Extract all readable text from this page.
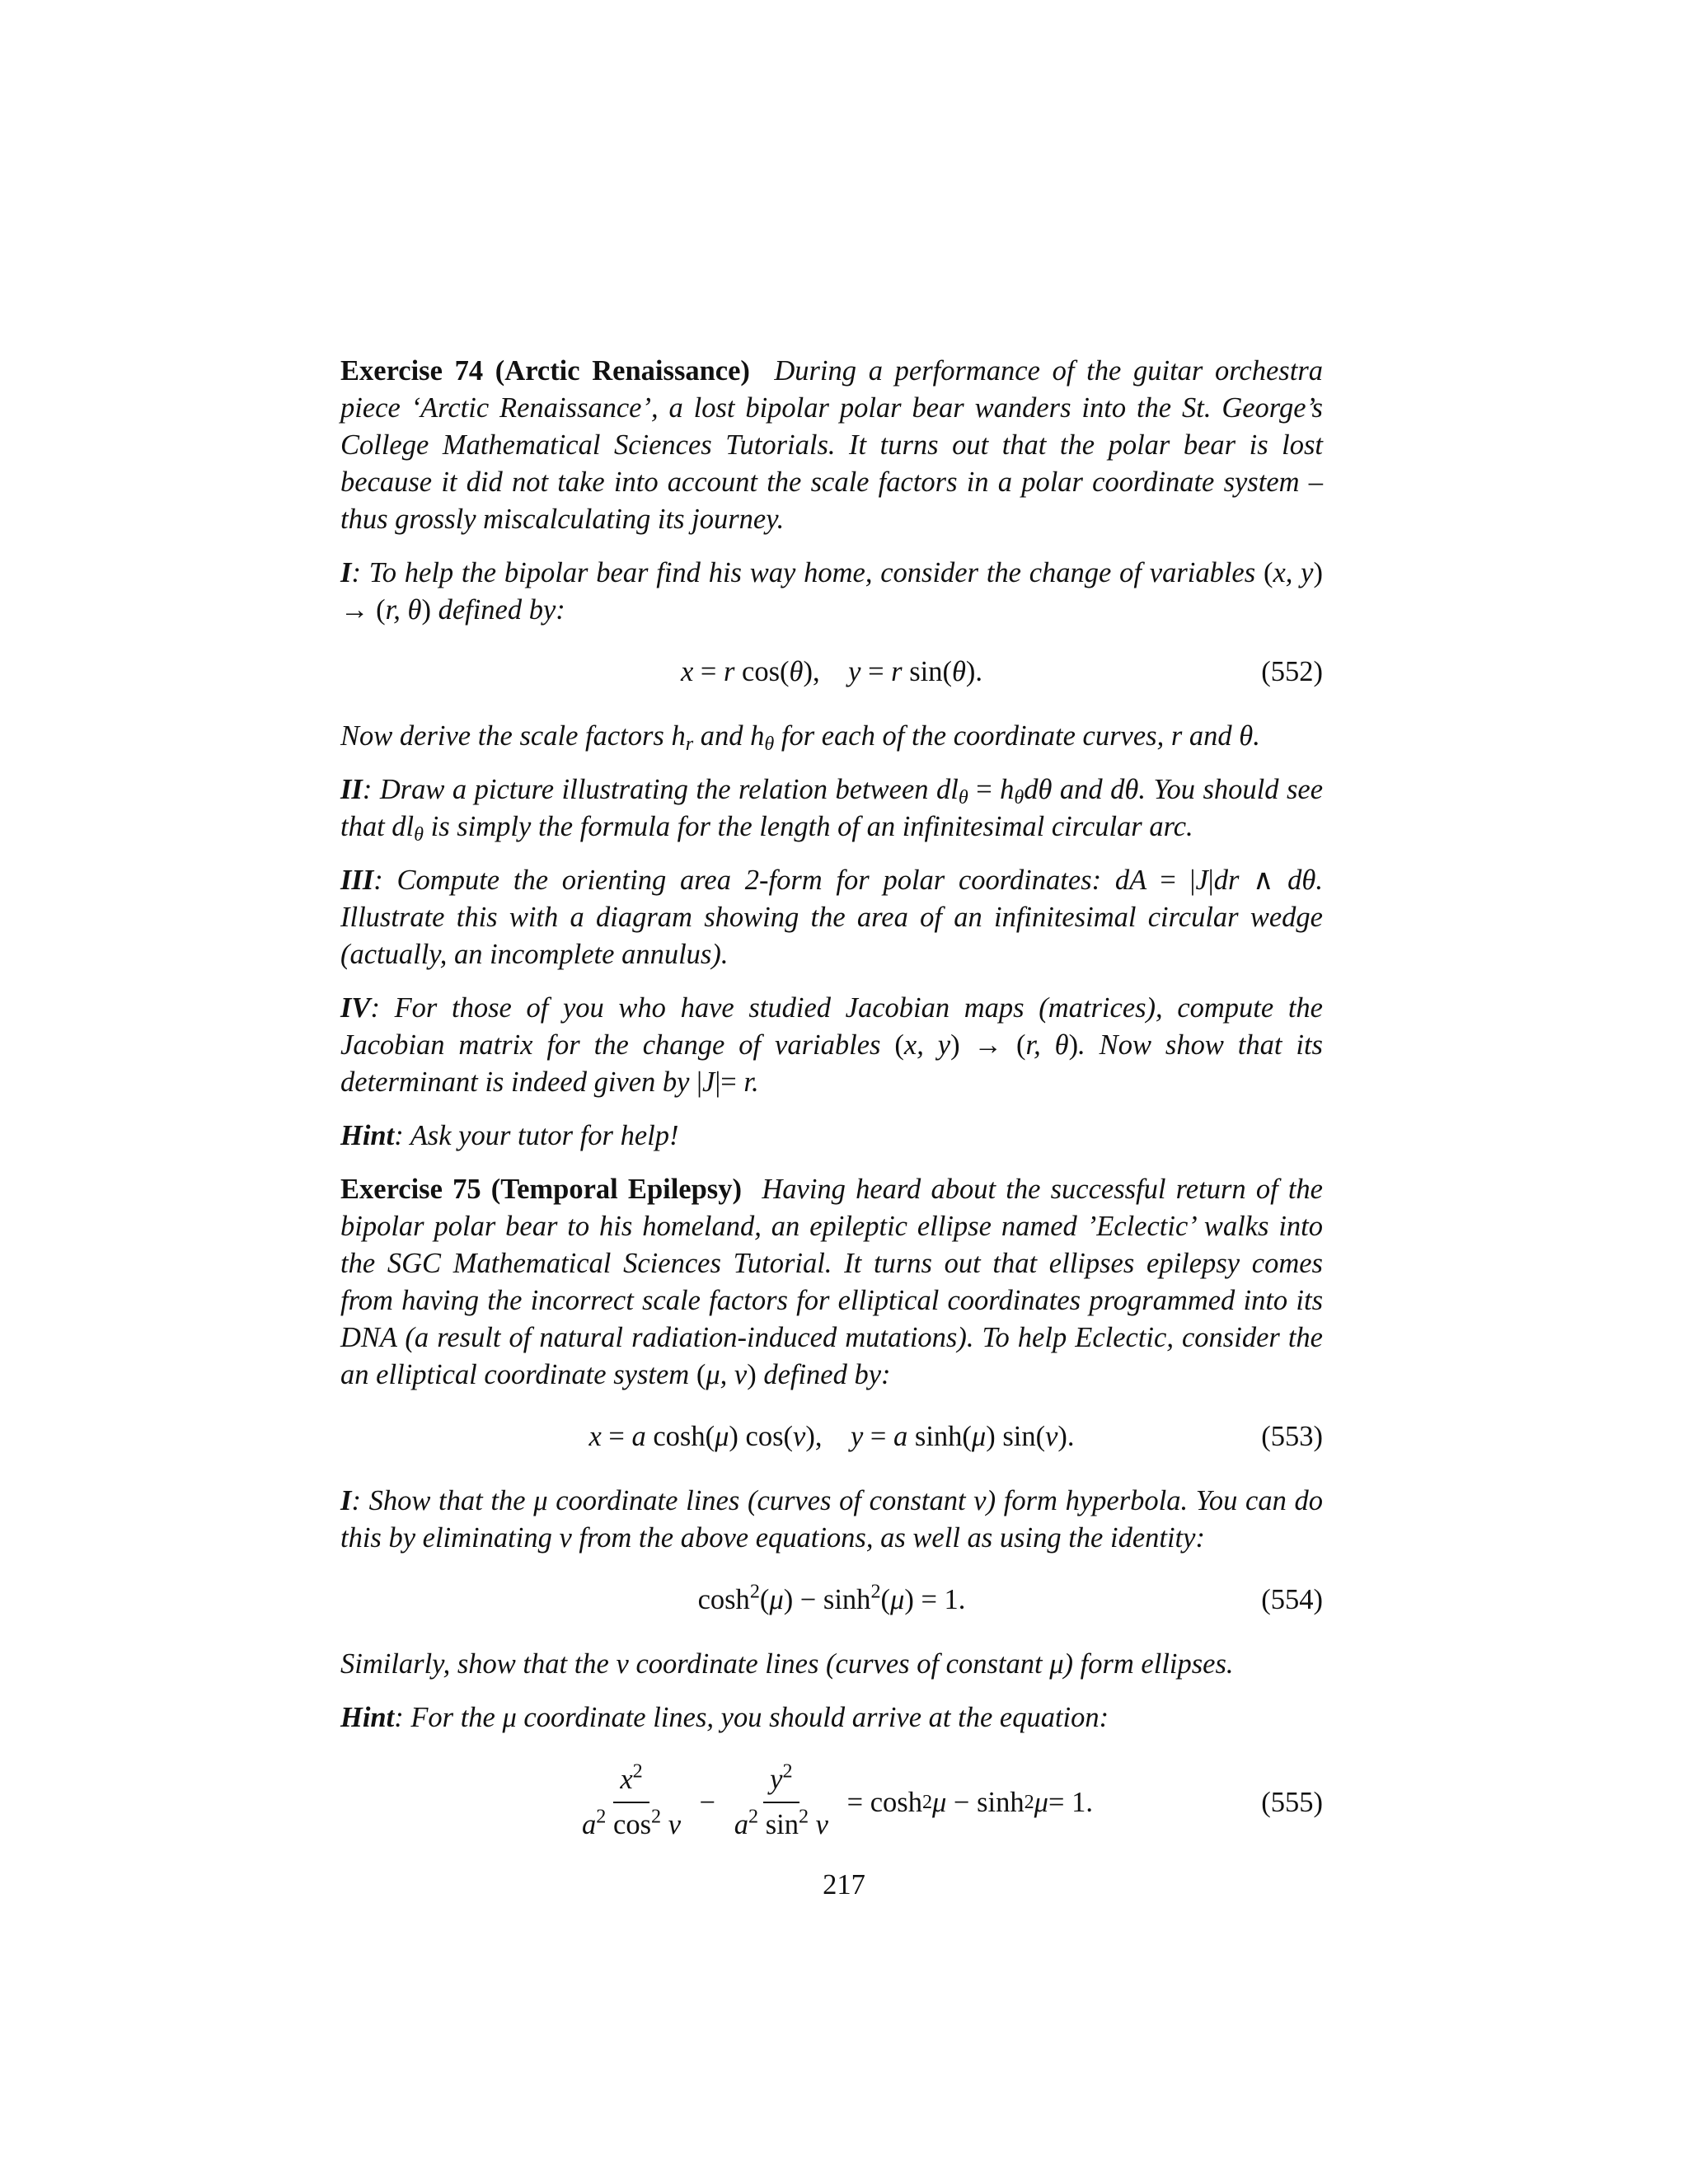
Exercise 74 (Arctic Renaissance) During a performance of the guitar orchestra piece ‘Arctic Renaissance’, a lost bipolar polar bear wanders into the St. George’s College Mathematical Sciences Tutorials. It turns out that the polar bear is lost because it did not take into account the scale factors in a polar coordinate system – thus grossly miscalculating its journey.

I: To help the bipolar bear find his way home, consider the change of variables (x, y) → (r, θ) defined by:

x = r cos(θ),    y = r sin(θ).	(552)

Now derive the scale factors $h_r$ and $h_\theta$ for each of the coordinate curves, r and θ.

II: Draw a picture illustrating the relation between $dl_\theta = h_\theta d\theta$ and dθ. You should see that $dl_\theta$ is simply the formula for the length of an infinitesimal circular arc.

III: Compute the orienting area 2-form for polar coordinates: dA = |J|dr ∧ dθ. Illustrate this with a diagram showing the area of an infinitesimal circular wedge (actually, an incomplete annulus).

IV: For those of you who have studied Jacobian maps (matrices), compute the Jacobian matrix for the change of variables (x, y) → (r, θ). Now show that its determinant is indeed given by |J|= r.

Hint: Ask your tutor for help!

Exercise 75 (Temporal Epilepsy) Having heard about the successful return of the bipolar polar bear to his homeland, an epileptic ellipse named ’Eclectic’ walks into the SGC Mathematical Sciences Tutorial. It turns out that ellipses epilepsy comes from having the incorrect scale factors for elliptical coordinates programmed into its DNA (a result of natural radiation-induced mutations). To help Eclectic, consider the an elliptical coordinate system (μ, ν) defined by:

x = a cosh(μ) cos(ν),    y = a sinh(μ) sin(ν).	(553)

I: Show that the μ coordinate lines (curves of constant ν) form hyperbola. You can do this by eliminating ν from the above equations, as well as using the identity:

$\cosh^2(\mu) - \sinh^2(\mu) = 1$.	(554)

Similarly, show that the ν coordinate lines (curves of constant μ) form ellipses.

Hint: For the μ coordinate lines, you should arrive at the equation:

$\frac{x^2}{a^2 \cos^2 \nu} - \frac{y^2}{a^2 \sin^2 \nu} = \cosh 2$ μ − sinh 2 μ = 1.	(555)
217
